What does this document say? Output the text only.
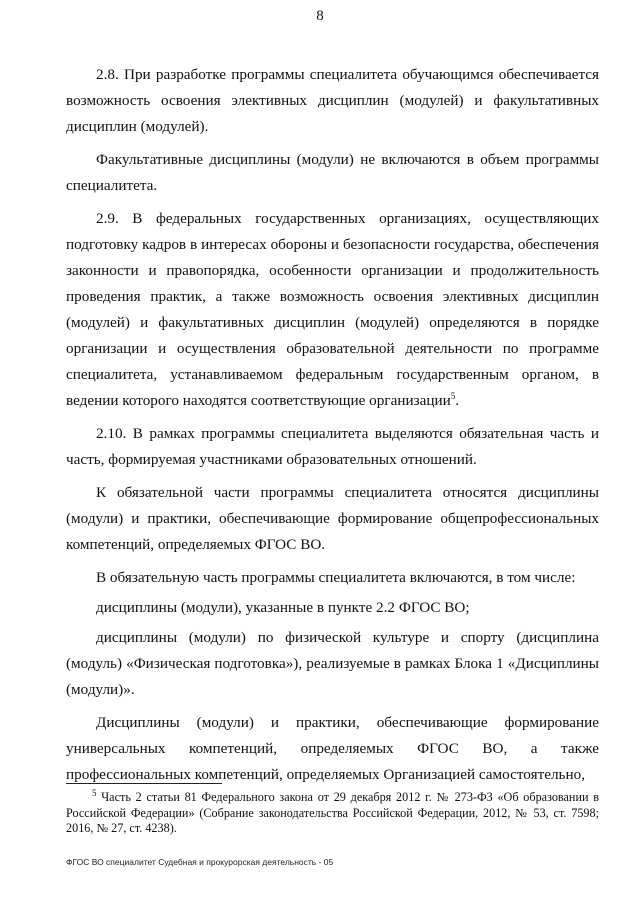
8

2.8. При разработке программы специалитета обучающимся обеспечивается возможность освоения элективных дисциплин (модулей) и факультативных дисциплин (модулей).

Факультативные дисциплины (модули) не включаются в объем программы специалитета.

2.9. В федеральных государственных организациях, осуществляющих подготовку кадров в интересах обороны и безопасности государства, обеспечения законности и правопорядка, особенности организации и продолжительность проведения практик, а также возможность освоения элективных дисциплин (модулей) и факультативных дисциплин (модулей) определяются в порядке организации и осуществления образовательной деятельности по программе специалитета, устанавливаемом федеральным государственным органом, в ведении которого находятся соответствующие организации$^5$.

2.10. В рамках программы специалитета выделяются обязательная часть и часть, формируемая участниками образовательных отношений.

К обязательной части программы специалитета относятся дисциплины (модули) и практики, обеспечивающие формирование общепрофессиональных компетенций, определяемых ФГОС ВО.

В обязательную часть программы специалитета включаются, в том числе:

дисциплины (модули), указанные в пункте 2.2 ФГОС ВО;

дисциплины (модули) по физической культуре и спорту (дисциплина (модуль) «Физическая подготовка»), реализуемые в рамках Блока 1 «Дисциплины (модули)».

Дисциплины (модули) и практики, обеспечивающие формирование универсальных компетенций, определяемых ФГОС ВО, а также профессиональных компетенций, определяемых Организацией самостоятельно,

$^5$ Часть 2 статьи 81 Федерального закона от 29 декабря 2012 г. № 273-ФЗ «Об образовании в Российской Федерации» (Собрание законодательства Российской Федерации, 2012, № 53, ст. 7598; 2016, № 27, ст. 4238).
ФГОС ВО специалитет Судебная и прокурорская деятельность - 05
